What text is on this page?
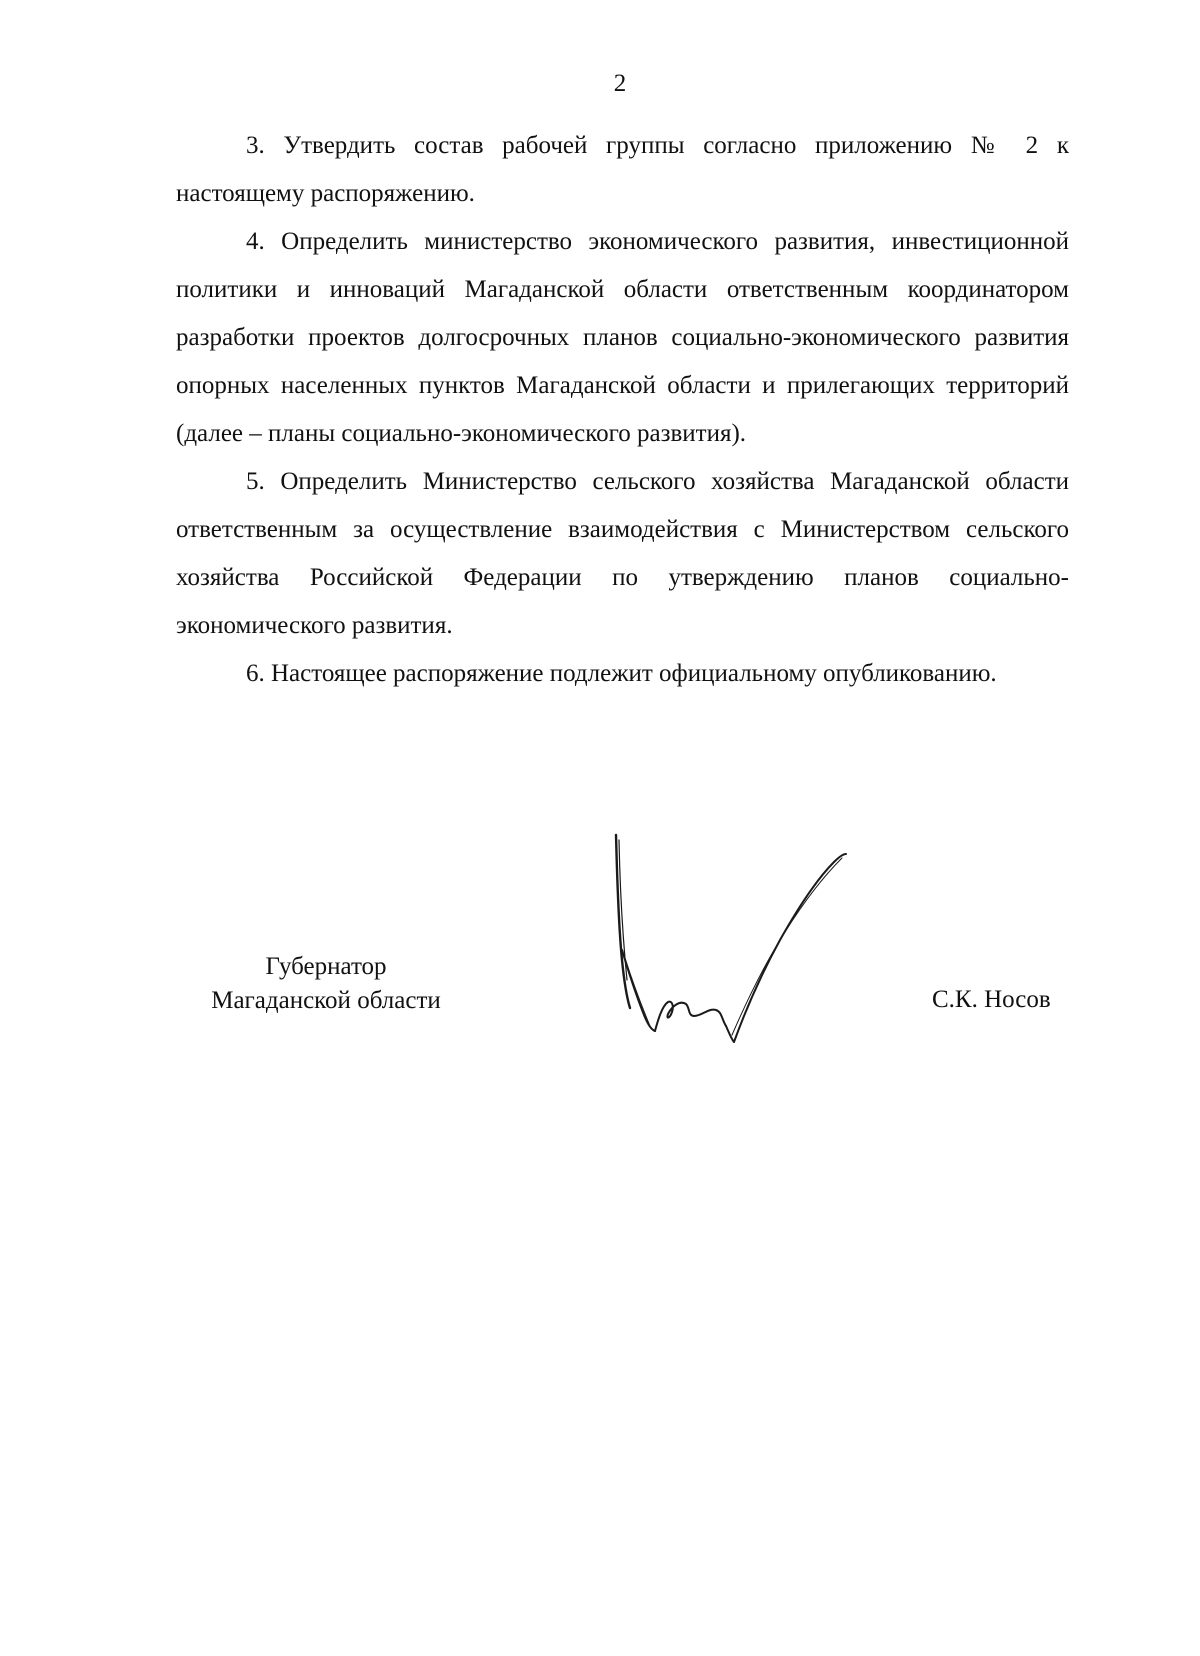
2

3. Утвердить состав рабочей группы согласно приложению № 2 к настоящему распоряжению.

4. Определить министерство экономического развития, инвестиционной политики и инноваций Магаданской области ответственным координатором разработки проектов долгосрочных планов социально-экономического развития опорных населенных пунктов Магаданской области и прилегающих территорий (далее – планы социально-экономического развития).

5. Определить Министерство сельского хозяйства Магаданской области ответственным за осуществление взаимодействия с Министерством сельского хозяйства Российской Федерации по утверждению планов социально-экономического развития.

6. Настоящее распоряжение подлежит официальному опубликованию.

Губернатор
Магаданской области	С.К. Носов
